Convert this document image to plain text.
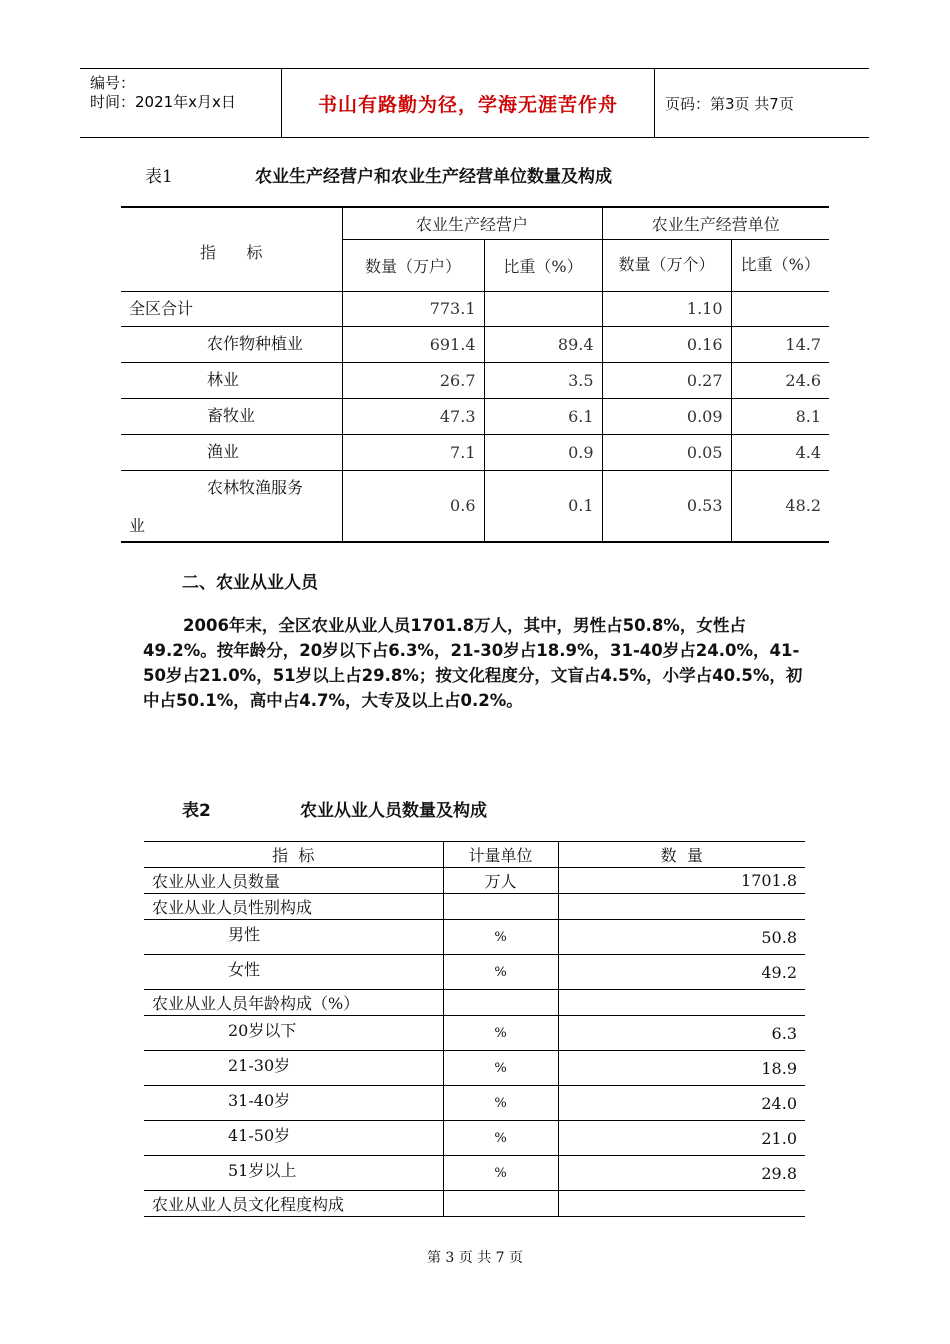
编号：
时间：2021年x月x日	书山有路勤为径，学海无涯苦作舟	页码：第3页 共7页
表1	农业生产经营户和农业生产经营单位数量及构成
指      标	农业生产经营户		农业生产经营单位	
	数量（万户）	比重（%）	数量（万个）	比重（%）
全区合计	773.1		1.10	
农作物种植业	691.4	89.4	0.16	14.7
林业	26.7	3.5	0.27	24.6
畜牧业	47.3	6.1	0.09	8.1
渔业	7.1	0.9	0.05	4.4

农林牧渔服务
业	0.6	0.1	0.53	48.2
二、农业从业人员

2006年末，全区农业从业人员1701.8万人，其中，男性占50.8%，女性占49.2%。按年龄分，20岁以下占6.3%，21-30岁占18.9%，31-40岁占24.0%，41-50岁占21.0%，51岁以上占29.8%；按文化程度分，文盲占4.5%，小学占40.5%，初中占50.1%，高中占4.7%，大专及以上占0.2%。

表2	农业从业人员数量及构成
指  标	计量单位	数  量
农业从业人员数量	万人	1701.8
农业从业人员性别构成		
男性	%	50.8
女性	%	49.2
农业从业人员年龄构成（%）		
20岁以下	%	6.3
21-30岁	%	18.9
31-40岁	%	24.0
41-50岁	%	21.0
51岁以上	%	29.8
农业从业人员文化程度构成		
第 3 页 共 7 页
